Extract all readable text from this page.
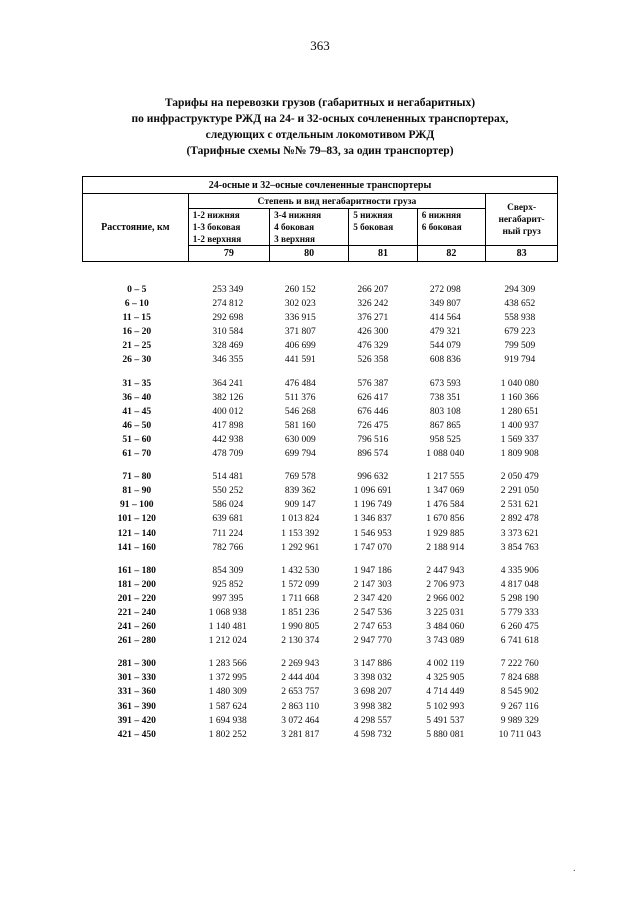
363
Тарифы на перевозки грузов (габаритных и негабаритных)
по инфраструктуре РЖД на 24- и 32-осных сочлененных транспортерах,
следующих с отдельным локомотивом РЖД
(Тарифные схемы №№ 79–83, за один транспортер)
24-осные и 32–осные сочлененные транспортеры					
Расстояние, км	Степень и вид негабаритности груза				Сверх-
негабарит-
ный груз

	1-2 нижняя
1-3 боковая
1-2 верхняя	3-4 нижняя
4 боковая
3 верхняя	5 нижняя
5 боковая	6 нижняя
6 боковая	

	79	80	81	82	83
0 – 5	253 349	260 152	266 207	272 098	294 309
6 – 10	274 812	302 023	326 242	349 807	438 652
11 – 15	292 698	336 915	376 271	414 564	558 938
16 – 20	310 584	371 807	426 300	479 321	679 223
21 – 25	328 469	406 699	476 329	544 079	799 509
26 – 30	346 355	441 591	526 358	608 836	919 794

31 – 35	364 241	476 484	576 387	673 593	1 040 080
36 – 40	382 126	511 376	626 417	738 351	1 160 366
41 – 45	400 012	546 268	676 446	803 108	1 280 651
46 – 50	417 898	581 160	726 475	867 865	1 400 937
51 – 60	442 938	630 009	796 516	958 525	1 569 337
61 – 70	478 709	699 794	896 574	1 088 040	1 809 908

71 – 80	514 481	769 578	996 632	1 217 555	2 050 479
81 – 90	550 252	839 362	1 096 691	1 347 069	2 291 050
91 – 100	586 024	909 147	1 196 749	1 476 584	2 531 621
101 – 120	639 681	1 013 824	1 346 837	1 670 856	2 892 478
121 – 140	711 224	1 153 392	1 546 953	1 929 885	3 373 621
141 – 160	782 766	1 292 961	1 747 070	2 188 914	3 854 763

161 – 180	854 309	1 432 530	1 947 186	2 447 943	4 335 906
181 – 200	925 852	1 572 099	2 147 303	2 706 973	4 817 048
201 – 220	997 395	1 711 668	2 347 420	2 966 002	5 298 190
221 – 240	1 068 938	1 851 236	2 547 536	3 225 031	5 779 333
241 – 260	1 140 481	1 990 805	2 747 653	3 484 060	6 260 475
261 – 280	1 212 024	2 130 374	2 947 770	3 743 089	6 741 618

281 – 300	1 283 566	2 269 943	3 147 886	4 002 119	7 222 760
301 – 330	1 372 995	2 444 404	3 398 032	4 325 905	7 824 688
331 – 360	1 480 309	2 653 757	3 698 207	4 714 449	8 545 902
361 – 390	1 587 624	2 863 110	3 998 382	5 102 993	9 267 116
391 – 420	1 694 938	3 072 464	4 298 557	5 491 537	9 989 329
421 – 450	1 802 252	3 281 817	4 598 732	5 880 081	10 711 043
·
